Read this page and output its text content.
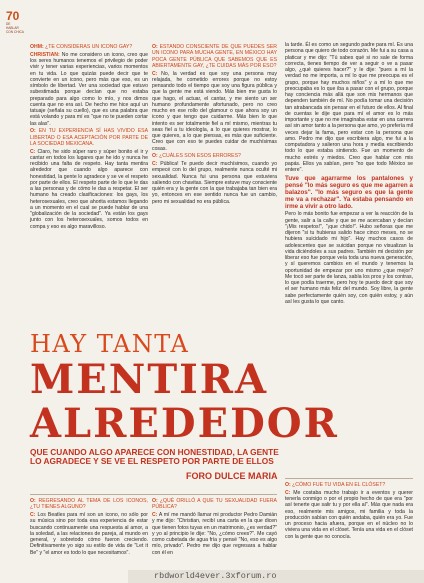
70
DE
HABLAR
CON CHICA

OHM: ¿TE CONSIDERAS UN ICONO GAY?

CHRISTIAN: No me considero un icono, creo que los seres humanos tenemos el privilegio de poder vivir y tener varias experiencias, varios momentos en tu vida. Lo que quizás puede decir que te convierte en un icono, pero más que eso, es un símbolo de libertad. Ver una sociedad que estuvo subestimada porque decían que no estaba preparado para algo como lo mío, y nos dimos cuenta que no era así. De hecho me hice aquí un tatuaje (señala su cuello), que es una palabra que está volando y para mí es "que no te pueden cortar las alas".

O: EN TU EXPERIENCIA SÍ HAS VIVIDO ESA LIBERTAD O ESA ACEPTACIÓN POR PARTE DE LA SOCIEDAD MEXICANA.

C: Claro, he sido súper raro y súper bonito el ir y cantar en todos los lugares que he ido y nunca he recibido una falta de respeto. Hay tanta mentira alrededor que cuando algo aparece con honestidad, la gente lo agradece y se ve el respeto por parte de ellos. El respeto parte de lo que le das a las personas y de cómo le das a respetar. El ser humano ha creado clasificaciones: los gays, los heterosexuales, creo que ahorita estamos llegando a un momento en el cual se puede hablar de una "globalización de la sociedad". Ya están los gays junto con los heterosexuales, somos todos en compa y eso es algo maravilloso.

O: ESTANDO CONSCIENTE DE QUE PUEDES SER UN ICONO PARA MUCHA GENTE, EN MÉXICO HAY POCA GENTE PÚBLICA QUE SABEMOS QUE ES ABIERTAMENTE GAY, ¿TE CUIDAS MÁS POR ESO?

C: No, la verdad es que soy una persona muy relajada, he cometido errores porque no estoy pensando todo el tiempo que soy una figura pública y que la gente me está viendo. Más bien me gusta lo que hago, el actuar, el cantar, y me siento un ser humano profundamente afortunado, pero no creo mucho en ese rollo del glamour o que ahora soy un icono y que tengo que cuidarme. Más bien lo que intento es ser totalmente fiel a mí mismo, mientras tu seas fiel a tu ideología, a lo que quieres mostrar, lo que quieres, a lo que piensas, es más que suficiente. Creo que con eso te puedes cuidar de muchísimas cosas.

O: ¿CUÁLES SON ESOS ERRORES?

C: Pública! Te puedo decir muchísimos, cuando yo empecé con lo del grupo, realmente nunca oculté mi sexualidad. Nunca fui una persona que estuviera saliendo con chavitas. Siempre estuve muy consciente quién era y la gente con la que trabajaba tan bien era yo, entonces en ese sentido nunca fue un cambio, pero mi sexualidad no era pública.

la tarde. Él es como un segundo padre para mí. Es una persona que quiero de todo corazón. Me fui a su casa a platicar y me dijo: "Tú sabes qué si no sale de forma correcta, tienes tiempo de ver a seguir o ve a pasar algo, ¿qué quieres hacer?" y le dije: "pues a mí la verdad no me importa, a mí lo que me preocupa es el grupo, porque hay muchos niños" y a mí lo que me preocupaba es lo que iba a pasar con el grupo, porque hay conciencia más allá que son mis hermanos que dependen también de mí. No podía tomar una decisión tan atrabancada sin pensar en el futuro de ellos. Al final de cuentas le dije que para mí el amor es lo más importante y que no me imaginaba estar en una carrera así sin amor tanto a la persona que amo, yo prefería mil veces dejar la fama, pero estar con la persona que amo. Pedro me dijo que escribiera algo, me fui a la computadora y salieron una hora y media escribiendo todo lo que estaba sintiendo. Fue un momento de mucho estrés y miedos. Creo que hablar con mis papás. Ellos ya sabían, pero "no que todo México se entere".

Tuve que agarrarme los pantalones y pensé "lo más seguro es que me agarren a balazos". "lo más seguro es que la gente me va a rechazar". Ya estaba pensando en irme a vivir a otro lado.

Pero lo más bonito fue empezar a ver la reacción de la gente, salir a la calle y que se me acercaban y decían "¡Mis respetos!", "¡que chido!". Hubo señoras que me dijeron "si tu hubieras salido hace cinco meses, no se hubiera suicidado mi hijo". Hay muchos casos de adolescentes que se suicidan porque no visualizan la vida diciéndoles a sus padres. También mi decisión por liberar eso fue porque veía toda una nueva generación, y sí queremos cambios en el mundo y tenemos la oportunidad de empezar por uno mismo ¿que mejor? Me tocó ser parte de lanza, sabía los pros y los contras, lo que podía traerme, pero hoy te puedo decir que soy el ser humano más feliz del mundo. Soy libre, la gente sabe perfectamente quién soy, con quién estoy, y aún así les gusta lo que canto.

HAY TANTA
MENTIRA
ALREDEDOR
QUE CUANDO ALGO APARECE CON HONESTIDAD, LA GENTE LO AGRADECE Y SE VE EL RESPETO POR PARTE DE ELLOS
FORO DULCE MARIA

O: REGRESANDO AL TEMA DE LOS ICONOS, ¿TU TIENES ALGUNO?

C: Los Beatles para mí son un icono, no sólo por su música sino por toda esa experiencia de estar buscando continuamente una respuesta al amor, a la soledad, a las relaciones de pareja, al mundo en general, y sobretodo cómo fueron creciendo. Definitivamente yo sigo su estilo de vida de "Let it Be" y "el amor es todo lo que necesitamos".

O: ¿QUÉ ORILLÓ A QUE TU SEXUALIDAD FUERA PÚBLICA?

C: A mí me mandó llamar mi productor Pedro Damián y me dijo: "Christian, recibí una carta en la que dicen que tienen fotos tuyas en un matrimonio, ¿es verdad?" y yo al principio le dije: "No, ¿cómo crees?". Me cayó como cubetada de agua fría y pensé "No, eso es algo mío, privado". Pedro me dijo que regresara a hablar con él en

O: ¿CÓMO FUE TU VIDA EN EL CLÓSET?

C: Me costaba mucho trabajo ir a eventos y querer tenerla conmigo o por el propio hecho de que era "por así tenerte que salir tu y por ella al". Más que nada era eso, realmente mis amigos, mi familia y toda la producción sabían con quién andaba, quién era yo. Fue un proceso hacia afuera, porque en el núcleo no lo viviera una vida en el clóset. Tenía una vida en el clóset con la gente que no conocía.

rbdworld4ever.3xforum.ro
